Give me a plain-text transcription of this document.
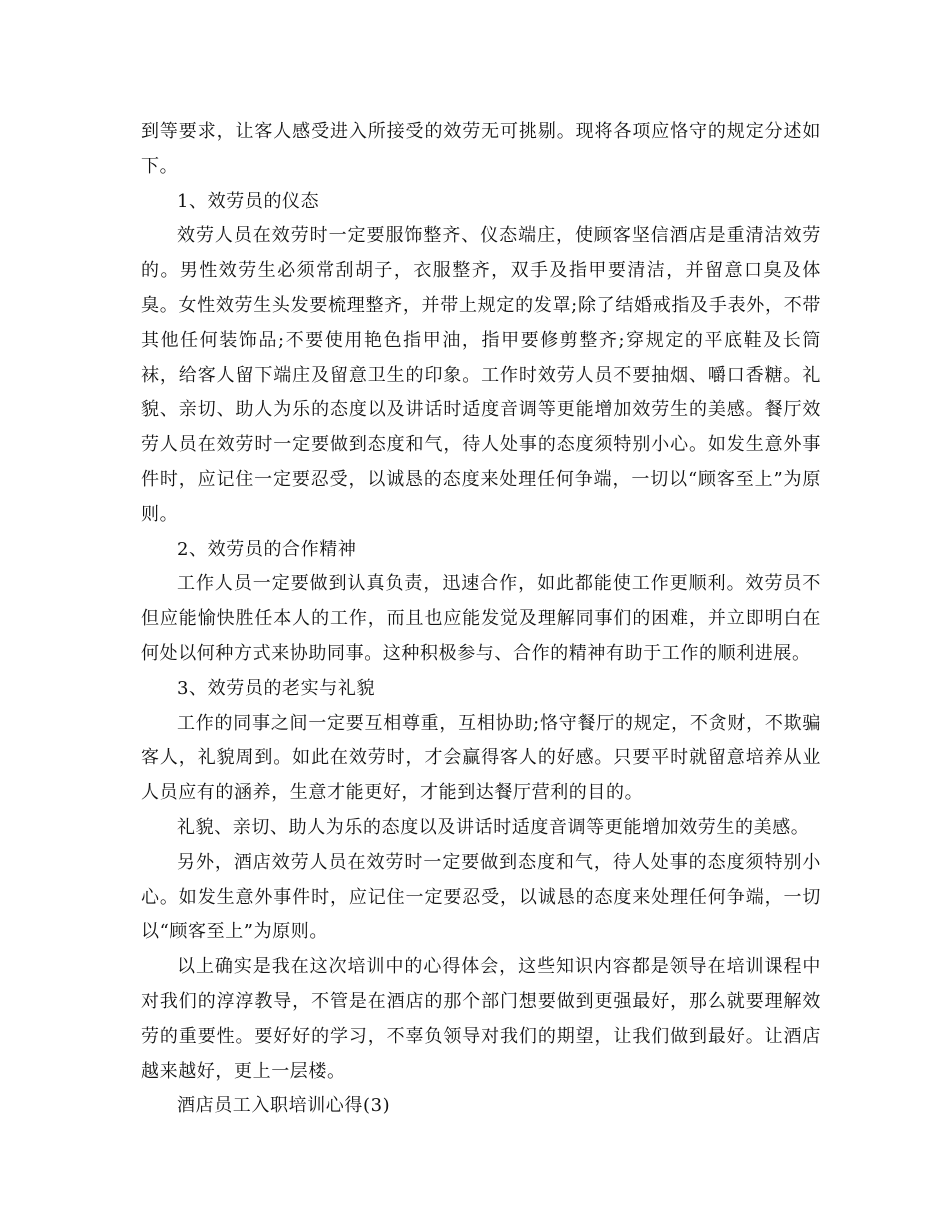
到等要求，让客人感受进入所接受的效劳无可挑剔。现将各项应恪守的规定分述如下。

1、效劳员的仪态

效劳人员在效劳时一定要服饰整齐、仪态端庄，使顾客坚信酒店是重清洁效劳的。男性效劳生必须常刮胡子，衣服整齐，双手及指甲要清洁，并留意口臭及体臭。女性效劳生头发要梳理整齐，并带上规定的发罩;除了结婚戒指及手表外，不带其他任何装饰品;不要使用艳色指甲油，指甲要修剪整齐;穿规定的平底鞋及长筒袜，给客人留下端庄及留意卫生的印象。工作时效劳人员不要抽烟、嚼口香糖。礼貌、亲切、助人为乐的态度以及讲话时适度音调等更能增加效劳生的美感。餐厅效劳人员在效劳时一定要做到态度和气，待人处事的态度须特别小心。如发生意外事件时，应记住一定要忍受，以诚恳的态度来处理任何争端，一切以“顾客至上”为原则。

2、效劳员的合作精神

工作人员一定要做到认真负责，迅速合作，如此都能使工作更顺利。效劳员不但应能愉快胜任本人的工作，而且也应能发觉及理解同事们的困难，并立即明白在何处以何种方式来协助同事。这种积极参与、合作的精神有助于工作的顺利进展。

3、效劳员的老实与礼貌

工作的同事之间一定要互相尊重，互相协助;恪守餐厅的规定，不贪财，不欺骗客人，礼貌周到。如此在效劳时，才会赢得客人的好感。只要平时就留意培养从业人员应有的涵养，生意才能更好，才能到达餐厅营利的目的。

礼貌、亲切、助人为乐的态度以及讲话时适度音调等更能增加效劳生的美感。

另外，酒店效劳人员在效劳时一定要做到态度和气，待人处事的态度须特别小心。如发生意外事件时，应记住一定要忍受，以诚恳的态度来处理任何争端，一切以“顾客至上”为原则。

以上确实是我在这次培训中的心得体会，这些知识内容都是领导在培训课程中对我们的淳淳教导，不管是在酒店的那个部门想要做到更强最好，那么就要理解效劳的重要性。要好好的学习，不辜负领导对我们的期望，让我们做到最好。让酒店越来越好，更上一层楼。

酒店员工入职培训心得(3)
